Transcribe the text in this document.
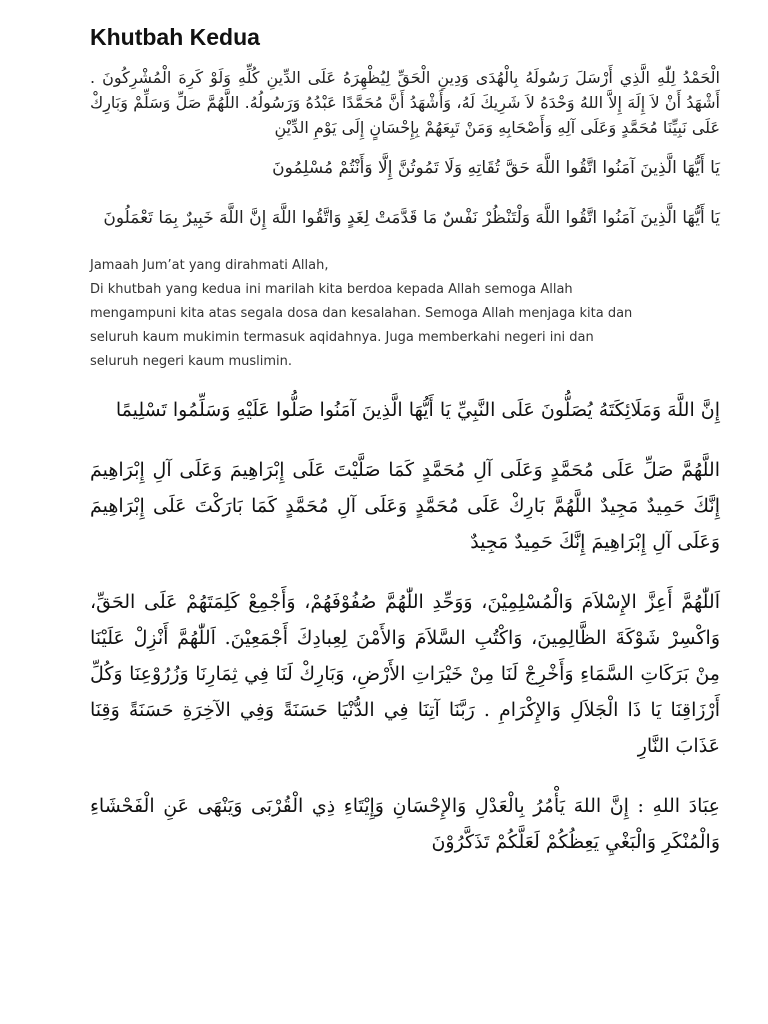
Khutbah Kedua

الْحَمْدُ لِلّٰهِ الَّذِي أَرْسَلَ رَسُولَهُ بِالْهُدَى وَدِينِ الْحَقِّ لِيُظْهِرَهُ عَلَى الدِّينِ كُلِّهِ وَلَوْ كَرِهَ الْمُشْرِكُونَ . أَشْهَدُ أَنْ لاَ إِلَهَ إِلاَّ اللهُ وَحْدَهُ لاَ شَرِيكَ لَهُ، وَأَشْهَدُ أَنَّ مُحَمَّدًا عَبْدُهُ وَرَسُولُهُ. اللَّهُمَّ صَلِّ وَسَلِّمْ وَبَارِكْ عَلَى نَبِيِّنَا مُحَمَّدٍ وَعَلَى آلِهِ وَأَصْحَابِهِ وَمَنْ تَبِعَهُمْ بِإِحْسَانٍ إِلَى يَوْمِ الدِّيْنِ

يَا أَيُّهَا الَّذِينَ آمَنُوا اتَّقُوا اللَّهَ حَقَّ تُقَاتِهِ وَلَا تَمُوتُنَّ إِلَّا وَأَنْتُمْ مُسْلِمُونَ

يَا أَيُّهَا الَّذِينَ آمَنُوا اتَّقُوا اللَّهَ وَلْتَنْظُرْ نَفْسٌ مَا قَدَّمَتْ لِغَدٍ وَاتَّقُوا اللَّهَ إِنَّ اللَّهَ خَبِيرٌ بِمَا تَعْمَلُونَ

Jamaah Jum’at yang dirahmati Allah,
Di khutbah yang kedua ini marilah kita berdoa kepada Allah semoga Allah
mengampuni kita atas segala dosa dan kesalahan. Semoga Allah menjaga kita dan
seluruh kaum mukimin termasuk aqidahnya. Juga memberkahi negeri ini dan
seluruh negeri kaum muslimin.

إِنَّ اللَّهَ وَمَلَائِكَتَهُ يُصَلُّونَ عَلَى النَّبِيِّ يَا أَيُّهَا الَّذِينَ آمَنُوا صَلُّوا عَلَيْهِ وَسَلِّمُوا تَسْلِيمًا

اللَّهُمَّ صَلِّ عَلَى مُحَمَّدٍ وَعَلَى آلِ مُحَمَّدٍ كَمَا صَلَّيْتَ عَلَى إِبْرَاهِيمَ وَعَلَى آلِ إِبْرَاهِيمَ إِنَّكَ حَمِيدٌ مَجِيدٌ اللَّهُمَّ بَارِكْ عَلَى مُحَمَّدٍ وَعَلَى آلِ مُحَمَّدٍ كَمَا بَارَكْتَ عَلَى إِبْرَاهِيمَ وَعَلَى آلِ إِبْرَاهِيمَ إِنَّكَ حَمِيدٌ مَجِيدٌ

اَللّٰهُمَّ أَعِزَّ الإِسْلاَمَ وَالْمُسْلِمِيْنَ، وَوَحِّدِ اللّٰهُمَّ صُفُوْفَهُمْ، وَأَجْمِعْ كَلِمَتَهُمْ عَلَى الحَقِّ، وَاكْسِرْ شَوْكَةَ الظَّالِمِينَ، وَاكْتُبِ السَّلاَمَ وَالأَمْنَ لِعِبادِكَ أَجْمَعِيْنَ. اَللّٰهُمَّ أَنْزِلْ عَلَيْنَا مِنْ بَرَكَاتِ السَّمَاءِ وَأَخْرِجْ لَنَا مِنْ خَيْرَاتِ الأَرْضِ، وَبَارِكْ لَنَا فِي ثِمَارِنَا وَزُرُوْعِنَا وَكُلِّ أَرْزَاقِنَا يَا ذَا الْجَلاَلِ وَالإِكْرَامِ . رَبَّنَا آتِنَا فِي الدُّنْيَا حَسَنَةً وَفِي الآخِرَةِ حَسَنَةً وَقِنَا عَذَابَ النَّارِ

عِبَادَ اللهِ : إِنَّ اللهَ يَأْمُرُ بِالْعَدْلِ وَالإِحْسَانِ وَإِيْتَاءِ ذِي الْقُرْبَى وَيَنْهَى عَنِ الْفَحْشَاءِ وَالْمُنْكَرِ وَالْبَغْيِ يَعِظُكُمْ لَعَلَّكُمْ تَذَكَّرُوْنَ
